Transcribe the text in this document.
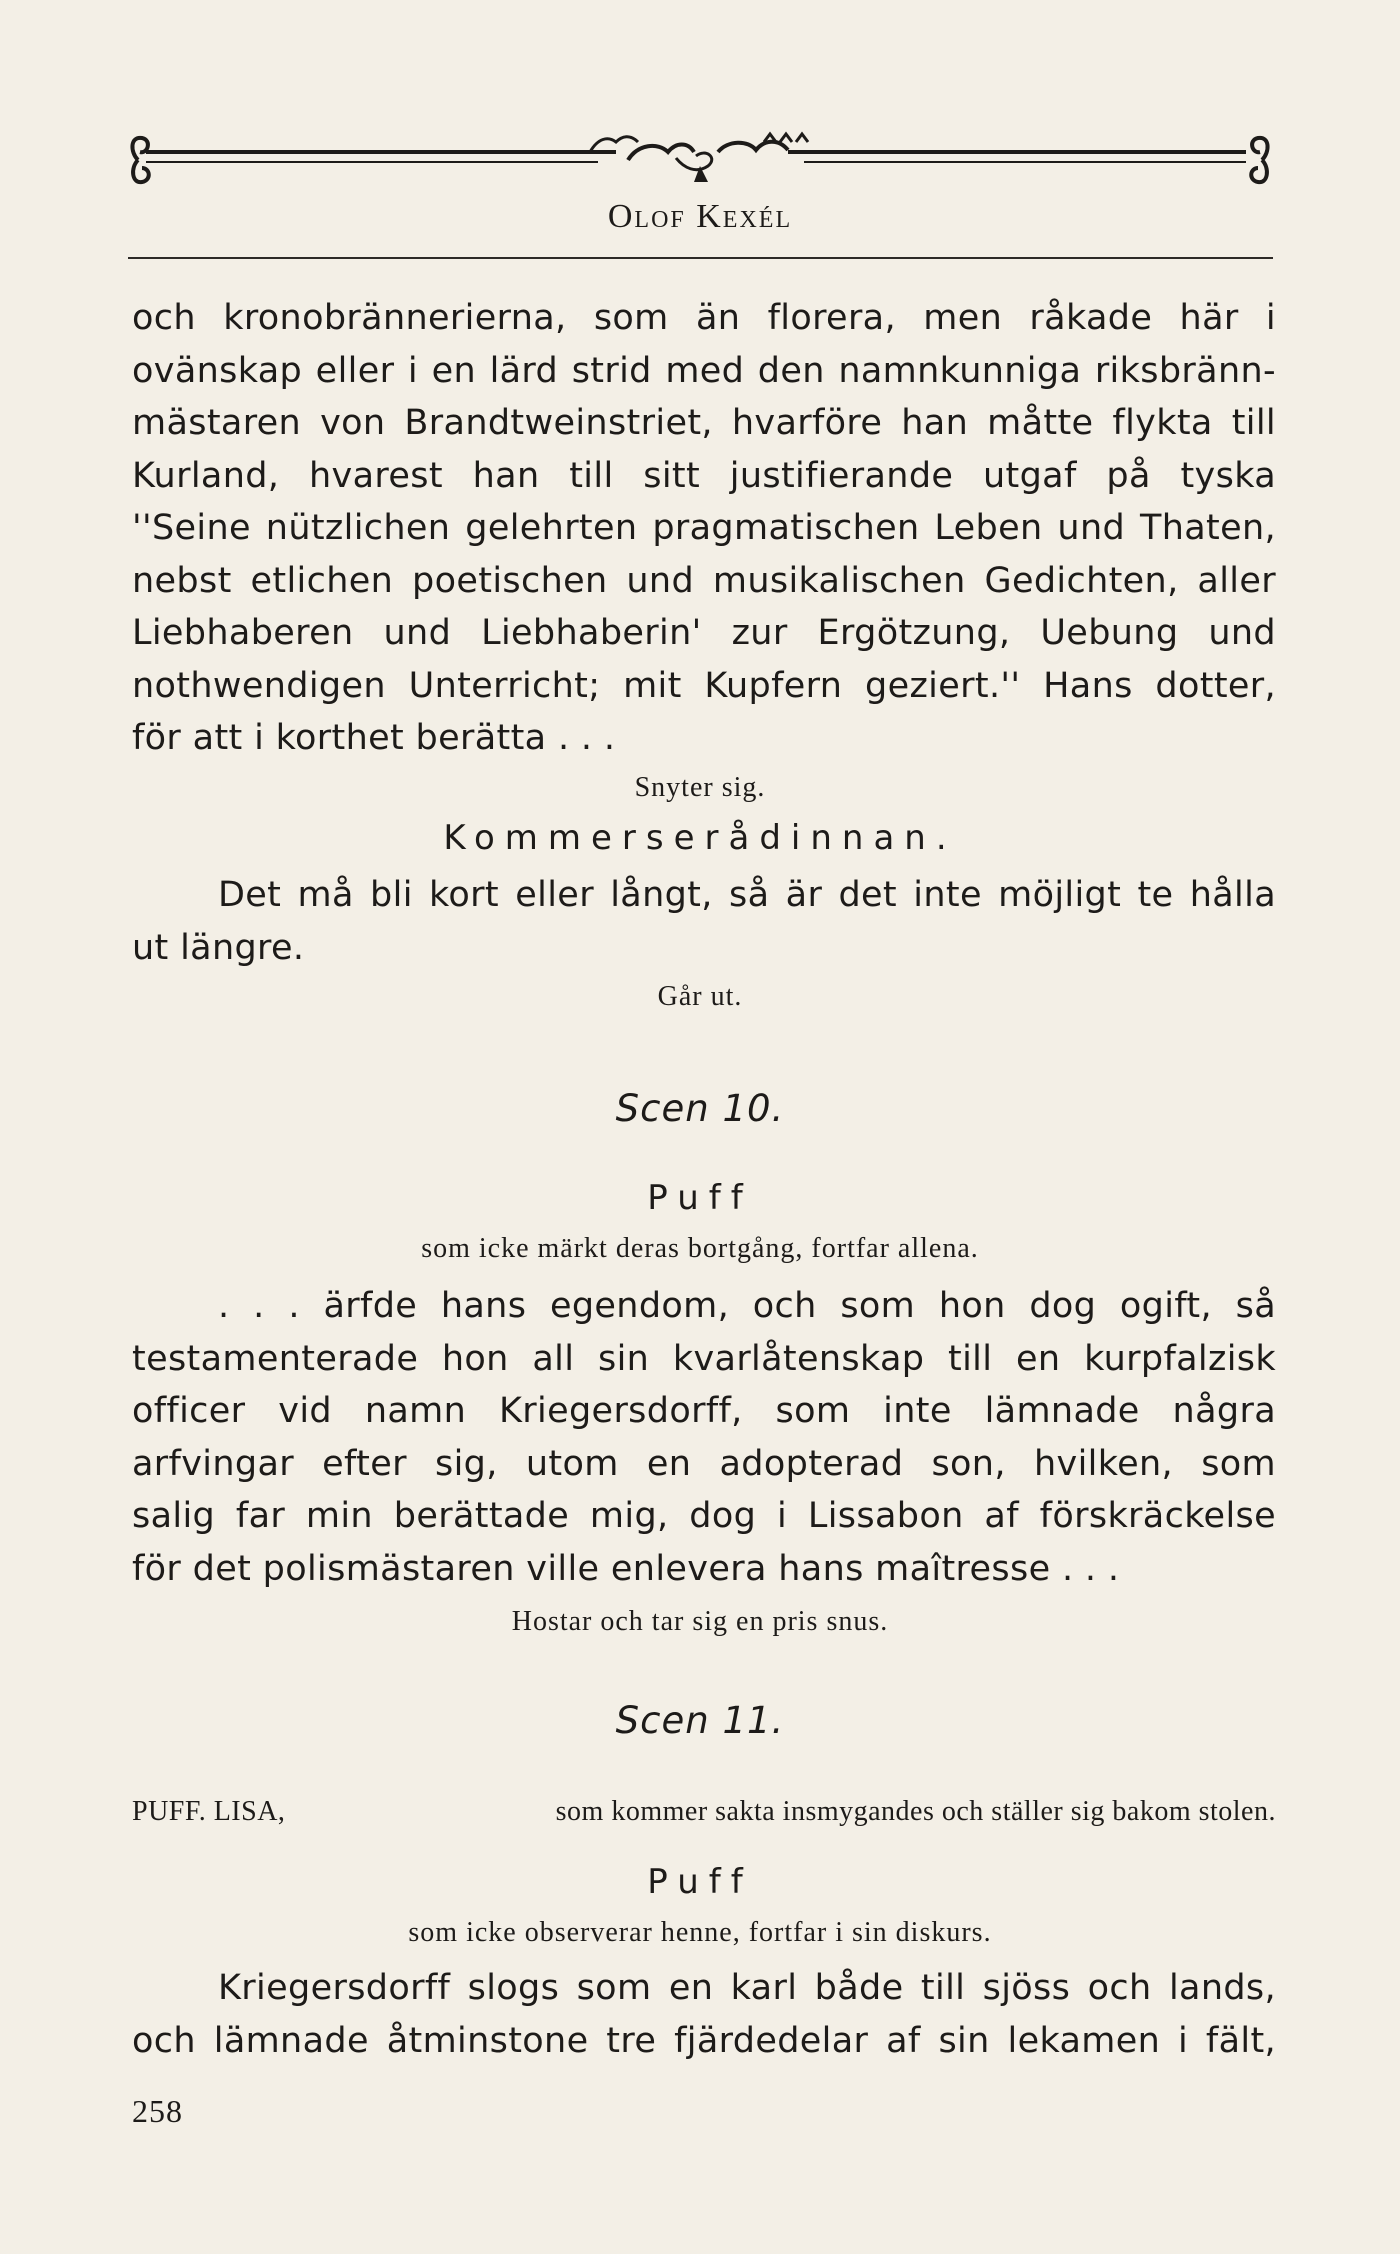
Olof Kexél

och kronobrännerierna, som än florera, men råkade här i
ovänskap eller i en lärd strid med den namnkunniga riksbränn-
mästaren von Brandtweinstriet, hvarföre han måtte flykta till
Kurland, hvarest han till sitt justifierande utgaf på tyska
''Seine nützlichen gelehrten pragmatischen Leben und Thaten,
nebst etlichen poetischen und musikalischen Gedichten, aller
Liebhaberen und Liebhaberin' zur Ergötzung, Uebung und
nothwendigen Unterricht; mit Kupfern geziert.'' Hans dotter,
för att i korthet berätta . . .

Snyter sig.

Kommerserådinnan.

Det må bli kort eller långt, så är det inte möjligt te hålla
ut längre.

Går ut.

Scen 10.

Puff

som icke märkt deras bortgång, fortfar allena.

. . . ärfde hans egendom, och som hon dog ogift, så
testamenterade hon all sin kvarlåtenskap till en kurpfalzisk
officer vid namn Kriegersdorff, som inte lämnade några
arfvingar efter sig, utom en adopterad son, hvilken, som
salig far min berättade mig, dog i Lissabon af förskräckelse
för det polismästaren ville enlevera hans maîtresse . . .

Hostar och tar sig en pris snus.

Scen 11.

PUFF. LISA,	som kommer sakta insmygandes och ställer sig bakom stolen.

Puff

som icke observerar henne, fortfar i sin diskurs.

Kriegersdorff slogs som en karl både till sjöss och lands,
och lämnade åtminstone tre fjärdedelar af sin lekamen i fält,

258
